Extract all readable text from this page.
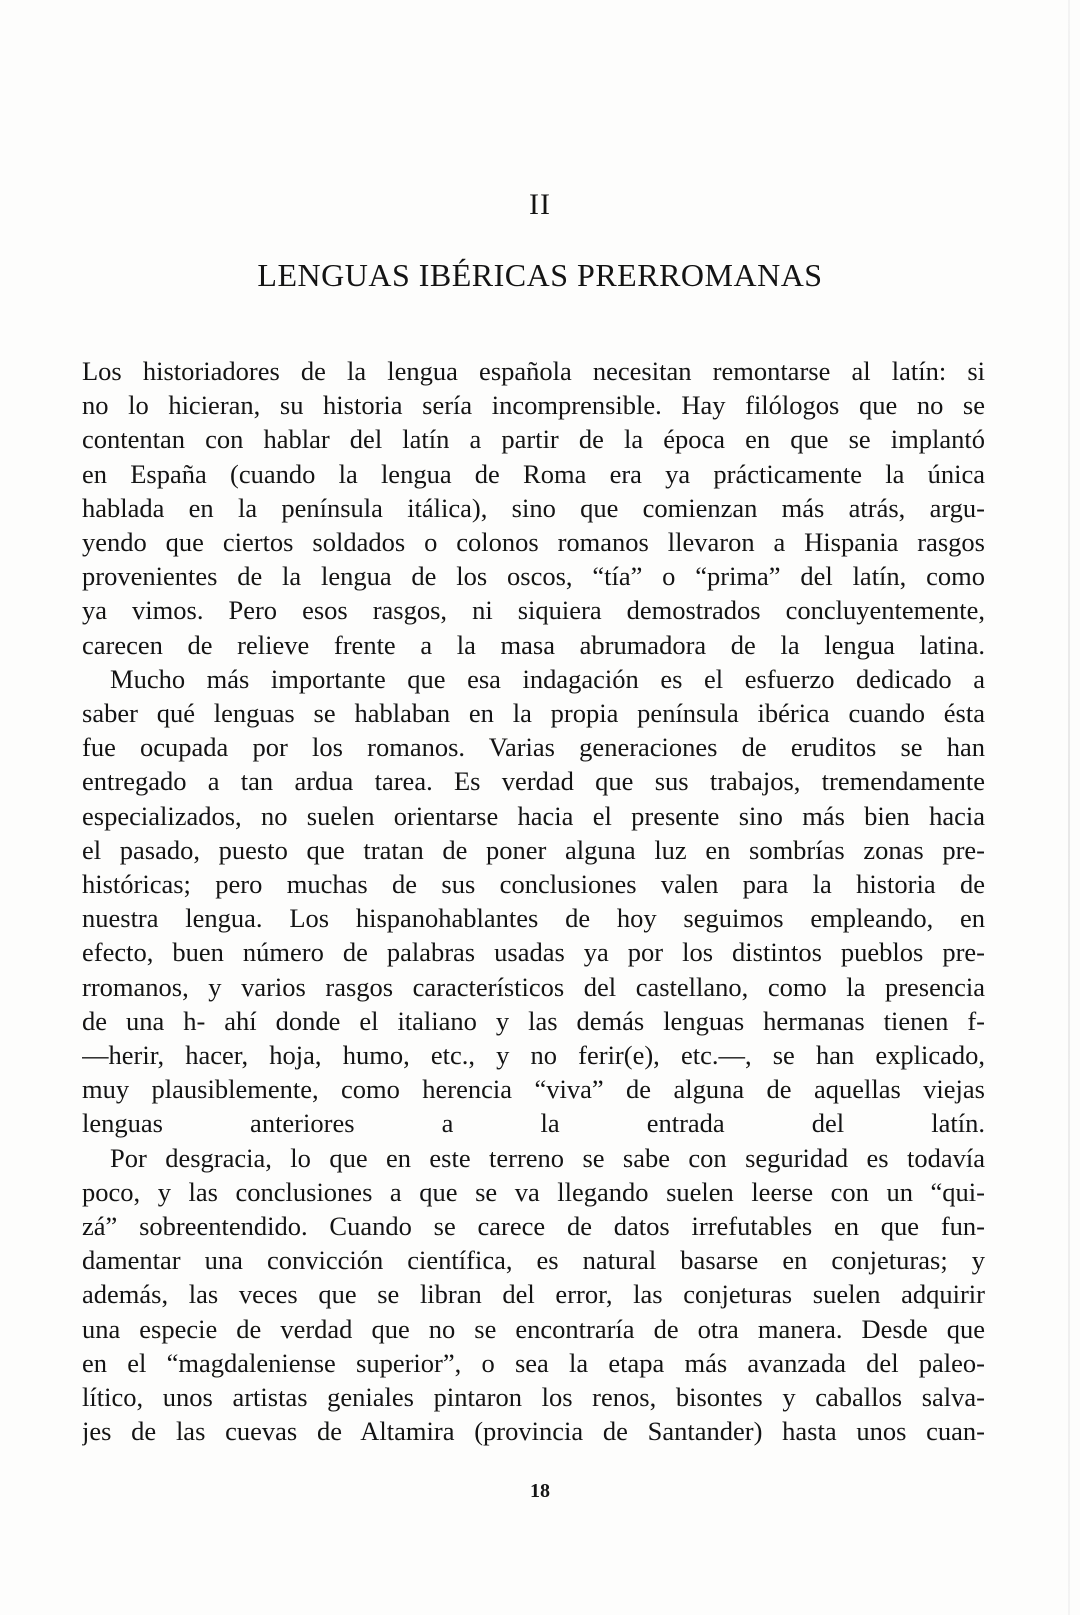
II
LENGUAS IBÉRICAS PRERROMANAS
Los historiadores de la lengua española necesitan remontarse al latín: si
no lo hicieran, su historia sería incomprensible. Hay filólogos que no se
contentan con hablar del latín a partir de la época en que se implantó
en España (cuando la lengua de Roma era ya prácticamente la única
hablada en la península itálica), sino que comienzan más atrás, argu-
yendo que ciertos soldados o colonos romanos llevaron a Hispania rasgos
provenientes de la lengua de los oscos, “tía” o “prima” del latín, como
ya vimos. Pero esos rasgos, ni siquiera demostrados concluyentemente,
carecen de relieve frente a la masa abrumadora de la lengua latina.
Mucho más importante que esa indagación es el esfuerzo dedicado a
saber qué lenguas se hablaban en la propia península ibérica cuando ésta
fue ocupada por los romanos. Varias generaciones de eruditos se han
entregado a tan ardua tarea. Es verdad que sus trabajos, tremendamente
especializados, no suelen orientarse hacia el presente sino más bien hacia
el pasado, puesto que tratan de poner alguna luz en sombrías zonas pre-
históricas; pero muchas de sus conclusiones valen para la historia de
nuestra lengua. Los hispanohablantes de hoy seguimos empleando, en
efecto, buen número de palabras usadas ya por los distintos pueblos pre-
rromanos, y varios rasgos característicos del castellano, como la presencia
de una h- ahí donde el italiano y las demás lenguas hermanas tienen f-
—herir, hacer, hoja, humo, etc., y no ferir(e), etc.—, se han explicado,
muy plausiblemente, como herencia “viva” de alguna de aquellas viejas
lenguas anteriores a la entrada del latín.
Por desgracia, lo que en este terreno se sabe con seguridad es todavía
poco, y las conclusiones a que se va llegando suelen leerse con un “qui-
zá” sobreentendido. Cuando se carece de datos irrefutables en que fun-
damentar una convicción científica, es natural basarse en conjeturas; y
además, las veces que se libran del error, las conjeturas suelen adquirir
una especie de verdad que no se encontraría de otra manera. Desde que
en el “magdaleniense superior”, o sea la etapa más avanzada del paleo-
lítico, unos artistas geniales pintaron los renos, bisontes y caballos salva-
jes de las cuevas de Altamira (provincia de Santander) hasta unos cuan-
18
